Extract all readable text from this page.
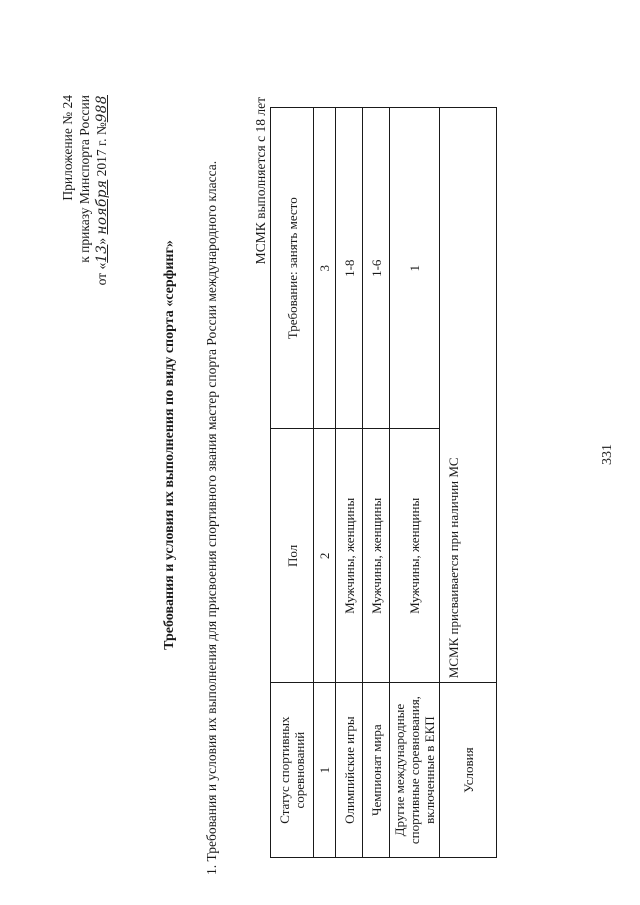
331
Приложение № 24 к приказу Минспорта России
от «13» ноября 2017 г. №988
Требования и условия их выполнения по виду спорта «серфинг» 1. Требования и условия их выполнения для присвоения спортивного звания мастер спорта России международного класса.	МСМК выполняется с 18 лет
Статус спортивных соревнований	Пол	Требование: занять место
1	2	3
Олимпийские игры	Мужчины, женщины	1-8
Чемпионат мира	Мужчины, женщины	1-6
Другие международные спортивные соревнования, включенные в ЕКП	Мужчины, женщины	1
Условия	МСМК присваивается при наличии МС	
